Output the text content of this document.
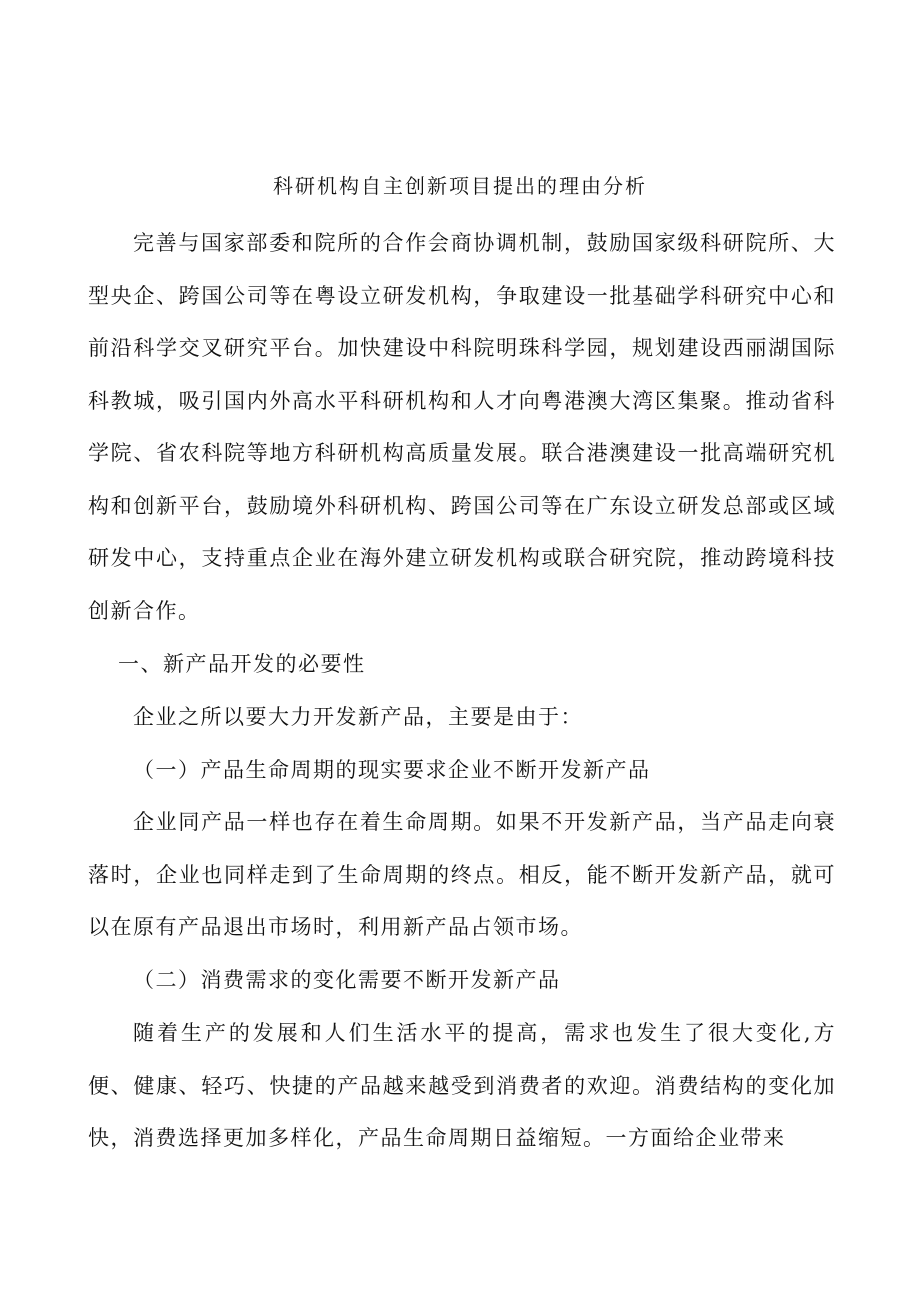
科研机构自主创新项目提出的理由分析
完善与国家部委和院所的合作会商协调机制，鼓励国家级科研院所、大型央企、跨国公司等在粤设立研发机构，争取建设一批基础学科研究中心和前沿科学交叉研究平台。加快建设中科院明珠科学园，规划建设西丽湖国际科教城，吸引国内外高水平科研机构和人才向粤港澳大湾区集聚。推动省科学院、省农科院等地方科研机构高质量发展。联合港澳建设一批高端研究机构和创新平台，鼓励境外科研机构、跨国公司等在广东设立研发总部或区域研发中心，支持重点企业在海外建立研发机构或联合研究院，推动跨境科技创新合作。
一、新产品开发的必要性
企业之所以要大力开发新产品，主要是由于：
（一）产品生命周期的现实要求企业不断开发新产品
企业同产品一样也存在着生命周期。如果不开发新产品，当产品走向衰落时，企业也同样走到了生命周期的终点。相反，能不断开发新产品，就可以在原有产品退出市场时，利用新产品占领市场。
（二）消费需求的变化需要不断开发新产品
随着生产的发展和人们生活水平的提高，需求也发生了很大变化,方便、健康、轻巧、快捷的产品越来越受到消费者的欢迎。消费结构的变化加快，消费选择更加多样化，产品生命周期日益缩短。一方面给企业带来
